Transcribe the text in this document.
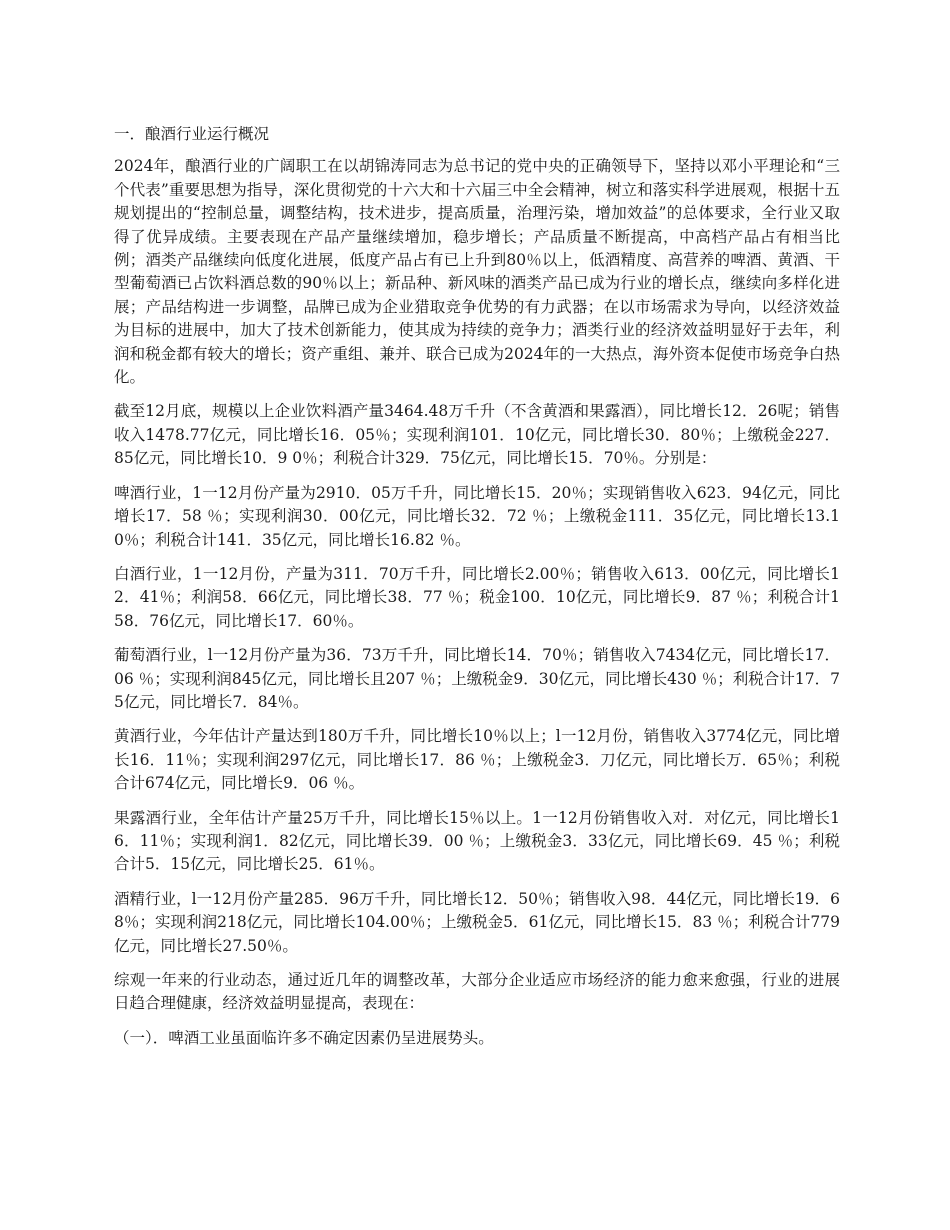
一．酿酒行业运行概况

2024年，酿酒行业的广阔职工在以胡锦涛同志为总书记的党中央的正确领导下，坚持以邓小平理论和“三个代表”重要思想为指导，深化贯彻党的十六大和十六届三中全会精神，树立和落实科学进展观，根据十五规划提出的“控制总量，调整结构，技术进步，提高质量，治理污染，增加效益”的总体要求，全行业又取得了优异成绩。主要表现在产品产量继续增加，稳步增长；产品质量不断提高，中高档产品占有相当比例；酒类产品继续向低度化进展，低度产品占有已上升到80％以上，低酒精度、高营养的啤酒、黄酒、干型葡萄酒已占饮料酒总数的90％以上；新品种、新风味的酒类产品已成为行业的增长点，继续向多样化进展；产品结构进一步调整，品牌已成为企业猎取竞争优势的有力武器；在以市场需求为导向，以经济效益为目标的进展中，加大了技术创新能力，使其成为持续的竞争力；酒类行业的经济效益明显好于去年，利润和税金都有较大的增长；资产重组、兼并、联合已成为2024年的一大热点，海外资本促使市场竞争白热化。

截至12月底，规模以上企业饮料酒产量3464.48万千升（不含黄酒和果露酒），同比增长12．26呢；销售收入1478.77亿元，同比增长16．05％；实现利润101．10亿元，同比增长30．80％；上缴税金227．85亿元，同比增长10．9 0％；利税合计329．75亿元，同比增长15．70％。分别是：

啤酒行业，1一12月份产量为2910．05万千升，同比增长15．20％；实现销售收入623．94亿元，同比增长17．58 ％；实现利润30．00亿元，同比增长32．72 ％；上缴税金111．35亿元，同比增长13.10％；利税合计141．35亿元，同比增长16.82 ％。

白酒行业，1一12月份，产量为311．70万千升，同比增长2.00％；销售收入613．00亿元，同比增长12．41％；利润58．66亿元，同比增长38．77 ％；税金100．10亿元，同比增长9．87 ％；利税合计158．76亿元，同比增长17．60％。

葡萄酒行业，l一12月份产量为36．73万千升，同比增长14．70％；销售收入7434亿元，同比增长17．06 ％；实现利润845亿元，同比增长且207 ％；上缴税金9．30亿元，同比增长430 ％；利税合计17．75亿元，同比增长7．84％。

黄酒行业，今年估计产量达到180万千升，同比增长10％以上；l一12月份，销售收入3774亿元，同比增长16．11％；实现利润297亿元，同比增长17．86 ％；上缴税金3．刀亿元，同比增长万．65％；利税合计674亿元，同比增长9．06 ％。

果露酒行业，全年估计产量25万千升，同比增长15％以上。1一12月份销售收入对．对亿元，同比增长16．11％；实现利润1．82亿元，同比增长39．00 ％；上缴税金3．33亿元，同比增长69．45 ％；利税合计5．15亿元，同比增长25．61％。

酒精行业，l一12月份产量285．96万千升，同比增长12．50％；销售收入98．44亿元，同比增长19．68％；实现利润218亿元，同比增长104.00％；上缴税金5．61亿元，同比增长15．83 ％；利税合计779亿元，同比增长27.50％。

综观一年来的行业动态，通过近几年的调整改革，大部分企业适应市场经济的能力愈来愈强，行业的进展日趋合理健康，经济效益明显提高，表现在：

（一）．啤酒工业虽面临许多不确定因素仍呈进展势头。
